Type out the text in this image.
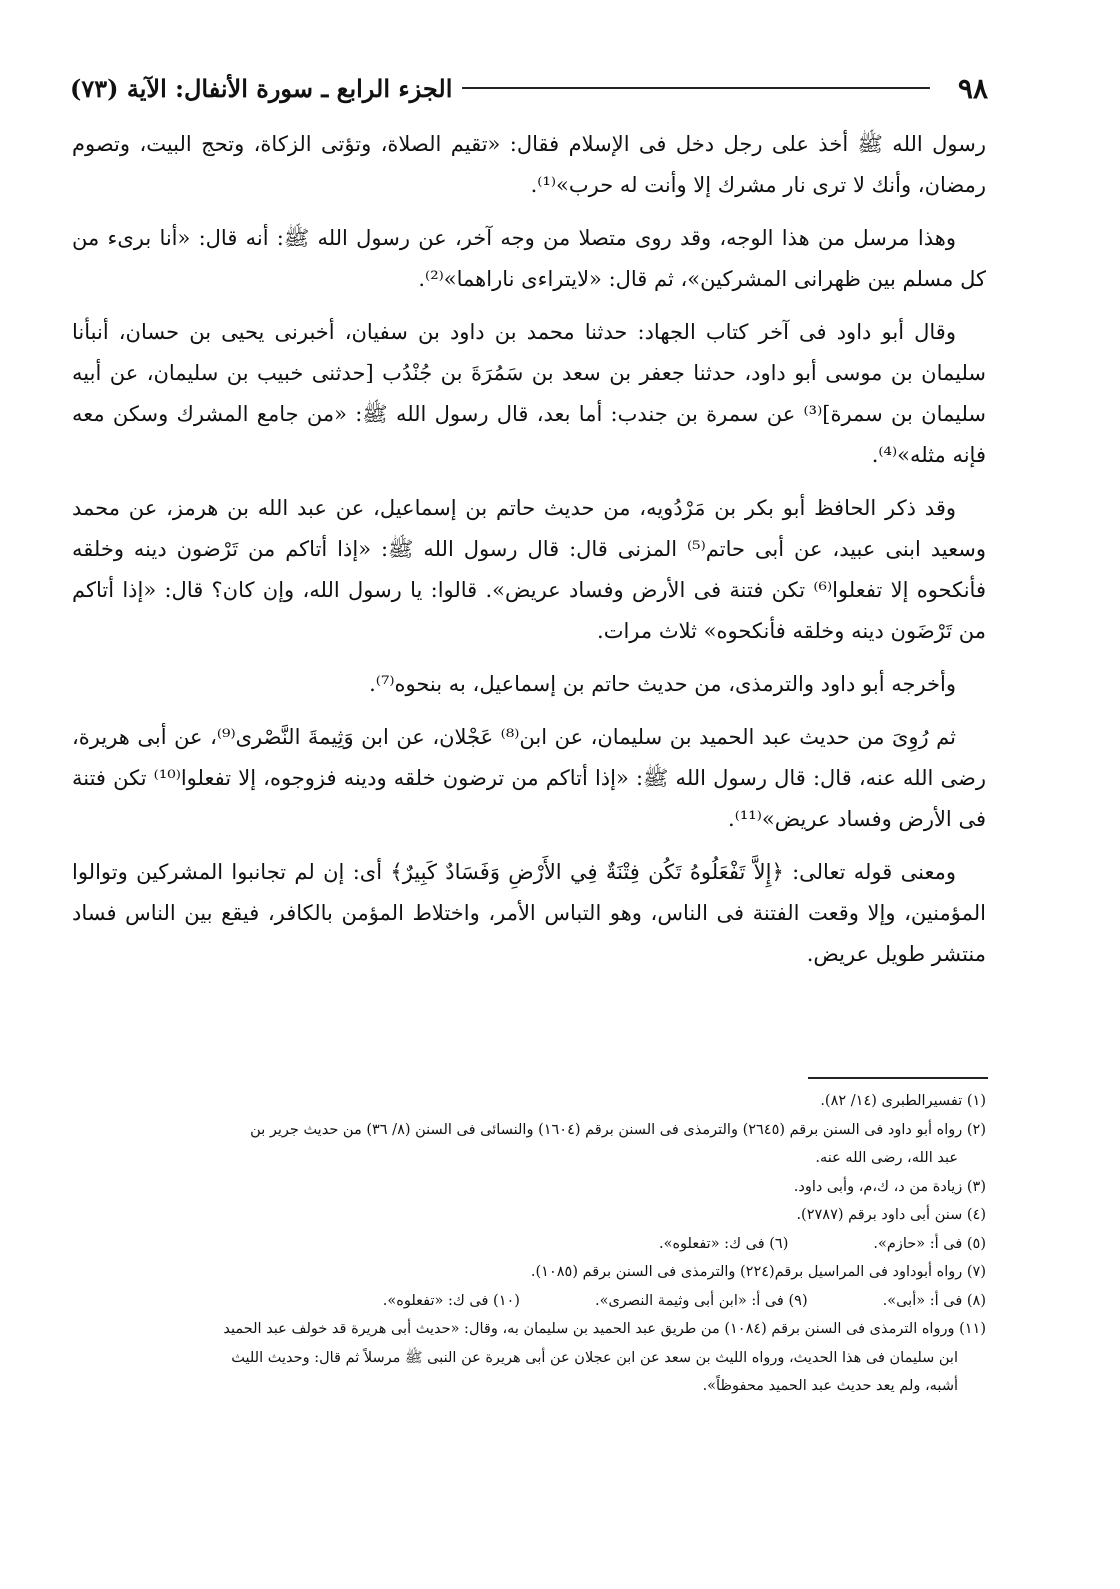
٩٨
الجزء الرابع ـ سورة الأنفال: الآية (٧٣)

رسول الله ﷺ أخذ على رجل دخل فى الإسلام فقال: «تقيم الصلاة، وتؤتى الزكاة، وتحج البيت، وتصوم رمضان، وأنك لا ترى نار مشرك إلا وأنت له حرب»⁽¹⁾.

وهذا مرسل من هذا الوجه، وقد روى متصلا من وجه آخر، عن رسول الله ﷺ: أنه قال: «أنا برىء من كل مسلم بين ظهرانى المشركين»، ثم قال: «لايتراءى ناراهما»⁽²⁾.

وقال أبو داود فى آخر كتاب الجهاد: حدثنا محمد بن داود بن سفيان، أخبرنى يحيى بن حسان، أنبأنا سليمان بن موسى أبو داود، حدثنا جعفر بن سعد بن سَمُرَةَ بن جُنْدُب [حدثنى خبيب بن سليمان، عن أبيه سليمان بن سمرة]⁽³⁾ عن سمرة بن جندب: أما بعد، قال رسول الله ﷺ: «من جامع المشرك وسكن معه فإنه مثله»⁽⁴⁾.

وقد ذكر الحافظ أبو بكر بن مَرْدُويه، من حديث حاتم بن إسماعيل، عن عبد الله بن هرمز، عن محمد وسعيد ابنى عبيد، عن أبى حاتم⁽⁵⁾ المزنى قال: قال رسول الله ﷺ: «إذا أتاكم من تَرْضون دينه وخلقه فأنكحوه إلا تفعلوا⁽⁶⁾ تكن فتنة فى الأرض وفساد عريض». قالوا: يا رسول الله، وإن كان؟ قال: «إذا أتاكم من تَرْضَون دينه وخلقه فأنكحوه» ثلاث مرات.

وأخرجه أبو داود والترمذى، من حديث حاتم بن إسماعيل، به بنحوه⁽⁷⁾.

ثم رُوِىَ من حديث عبد الحميد بن سليمان، عن ابن⁽⁸⁾ عَجْلان، عن ابن وَثِيمةَ النَّصْرى⁽⁹⁾، عن أبى هريرة، رضى الله عنه، قال: قال رسول الله ﷺ: «إذا أتاكم من ترضون خلقه ودينه فزوجوه، إلا تفعلوا⁽¹⁰⁾ تكن فتنة فى الأرض وفساد عريض»⁽¹¹⁾.

ومعنى قوله تعالى: ﴿إِلاَّ تَفْعَلُوهُ تَكُن فِتْنَةٌ فِي الأَرْضِ وَفَسَادٌ كَبِيرٌ﴾ أى: إن لم تجانبوا المشركين وتوالوا المؤمنين، وإلا وقعت الفتنة فى الناس، وهو التباس الأمر، واختلاط المؤمن بالكافر، فيقع بين الناس فساد منتشر طويل عريض.

(١) تفسيرالطبرى (١٤/ ٨٢).
(٢) رواه أبو داود فى السنن برقم (٢٦٤٥) والترمذى فى السنن برقم (١٦٠٤) والنسائى فى السنن (٨/ ٣٦) من حديث جرير بن
عبد الله، رضى الله عنه.
(٣) زيادة من د، ك،م، وأبى داود.
(٤) سنن أبى داود برقم (٢٧٨٧).
(٥) فى أ: «حازم».
(٦) فى ك: «تفعلوه».
(٧) رواه أبوداود فى المراسيل برقم(٢٢٤) والترمذى فى السنن برقم (١٠٨٥).
(٨) فى أ: «أبى».
(٩) فى أ: «ابن أبى وثيمة النصرى».
(١٠) فى ك: «تفعلوه».
(١١) ورواه الترمذى فى السنن برقم (١٠٨٤) من طريق عبد الحميد بن سليمان به، وقال: «حديث أبى هريرة قد خولف عبد الحميد
ابن سليمان فى هذا الحديث، ورواه الليث بن سعد عن ابن عجلان عن أبى هريرة عن النبى ﷺ مرسلاً ثم قال: وحديث الليث
أشبه، ولم يعد حديث عبد الحميد محفوظاً».
